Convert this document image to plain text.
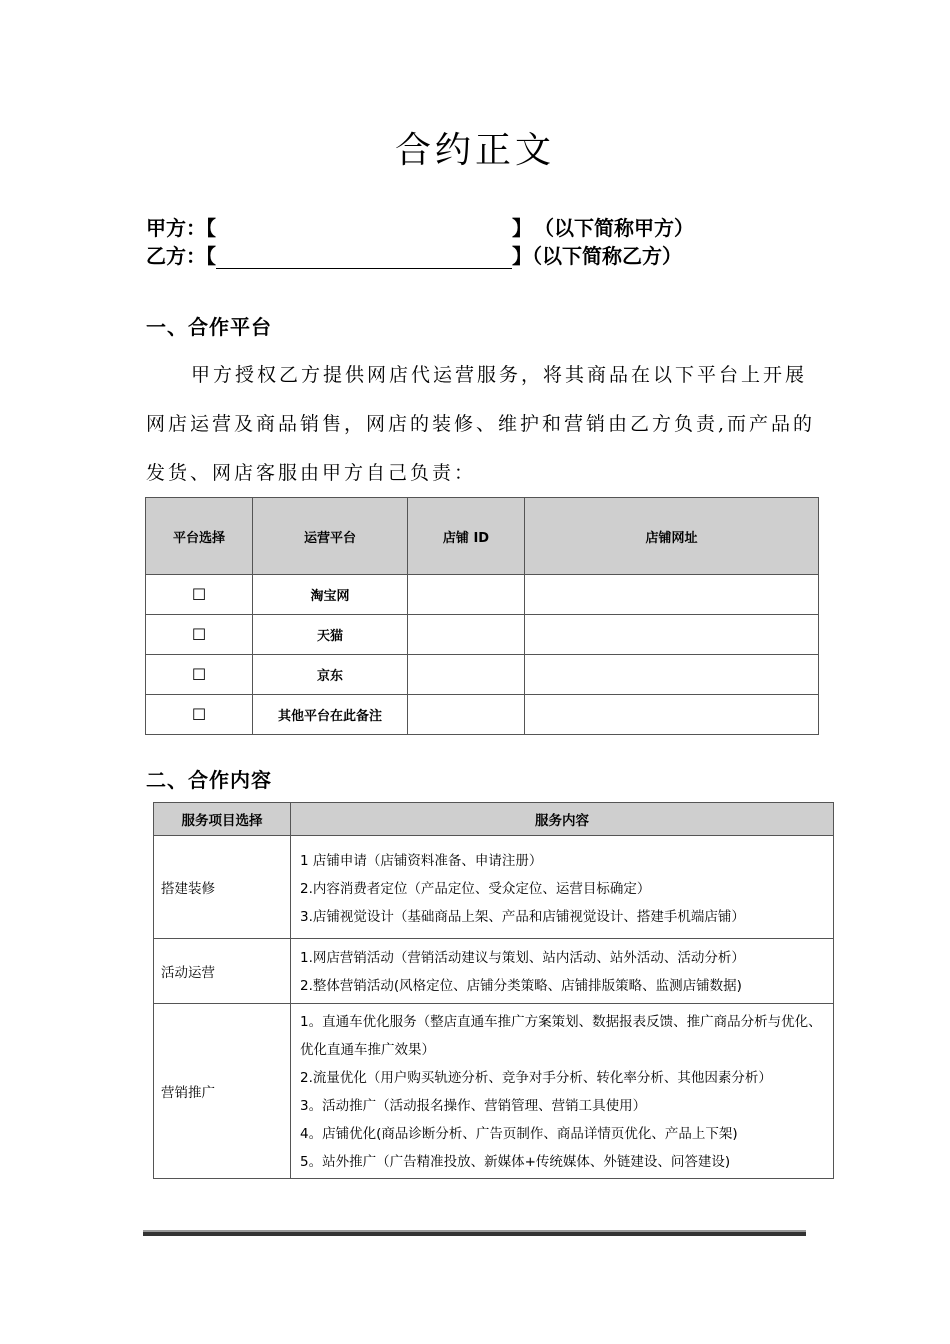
合约正文
甲方：【	】 （以下简称甲方）
乙方：【	】（以下简称乙方）
一、合作平台
甲方授权乙方提供网店代运营服务，将其商品在以下平台上开展网店运营及商品销售，网店的装修、维护和营销由乙方负责,而产品的发货、网店客服由甲方自己负责：
平台选择	运营平台	店铺 ID	店铺网址
☐	淘宝网		
☐	天猫		
☐	京东		
☐	其他平台在此备注		
二、合作内容
服务项目选择	服务内容
搭建装修	1 店铺申请（店铺资料准备、申请注册）
2.内容消费者定位（产品定位、受众定位、运营目标确定）
3.店铺视觉设计（基础商品上架、产品和店铺视觉设计、搭建手机端店铺）

活动运营	1.网店营销活动（营销活动建议与策划、站内活动、站外活动、活动分析）
2.整体营销活动(风格定位、店铺分类策略、店铺排版策略、监测店铺数据)

营销推广	1。直通车优化服务（整店直通车推广方案策划、数据报表反馈、推广商品分析与优化、优化直通车推广效果）
2.流量优化（用户购买轨迹分析、竞争对手分析、转化率分析、其他因素分析）
3。活动推广（活动报名操作、营销管理、营销工具使用）
4。店铺优化(商品诊断分析、广告页制作、商品详情页优化、产品上下架)
5。站外推广（广告精准投放、新媒体+传统媒体、外链建设、问答建设)
